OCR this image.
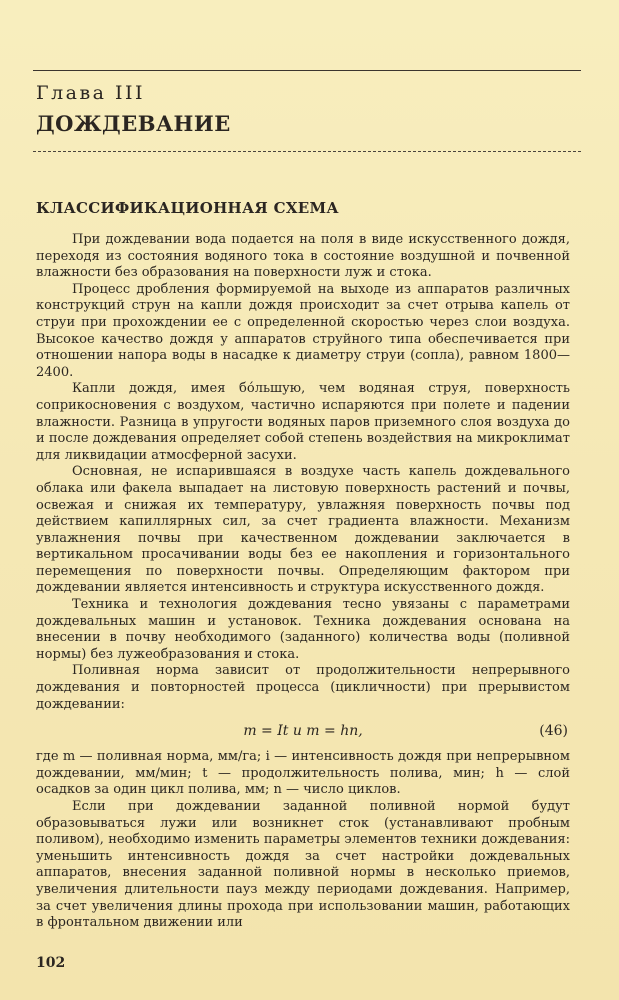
Глава III
ДОЖДЕВАНИЕ
КЛАССИФИКАЦИОННАЯ СХЕМА

При дождевании вода подается на поля в виде искусственного дождя, переходя из состояния водяного тока в состояние воздушной и почвенной влажности без образования на поверхности луж и стока.

Процесс дробления формируемой на выходе из аппаратов различных конструкций струн на капли дождя происходит за счет отрыва капель от струи при прохождении ее с определенной скоростью через слои воздуха. Высокое качество дождя у аппаратов струйного типа обеспечивается при отношении напора воды в насадке к диаметру струи (сопла), равном 1800—2400.

Капли дождя, имея бо́льшую, чем водяная струя, поверхность соприкосновения с воздухом, частично испаряются при полете и падении влажности. Разница в упругости водяных паров приземного слоя воздуха до и после дождевания определяет собой степень воздействия на микроклимат для ликвидации атмосферной засухи.

Основная, не испарившаяся в воздухе часть капель дождевального облака или факела выпадает на листовую поверхность растений и почвы, освежая и снижая их температуру, увлажняя поверхность почвы под действием капиллярных сил, за счет градиента влажности. Механизм увлажнения почвы при качественном дождевании заключается в вертикальном просачивании воды без ее накопления и горизонтального перемещения по поверхности почвы. Определяющим фактором при дождевании является интенсивность и структура искусственного дождя.

Техника и технология дождевания тесно увязаны с параметрами дождевальных машин и установок. Техника дождевания основана на внесении в почву необходимого (заданного) количества воды (поливной нормы) без лужеобразования и стока.

Поливная норма зависит от продолжительности непрерывного дождевания и повторностей процесса (цикличности) при прерывистом дождевании:

m = It и m = hn,	(46)

где m — поливная норма, мм/га; i — интенсивность дождя при непрерывном дождевании, мм/мин; t — продолжительность полива, мин; h — слой осадков за один цикл полива, мм; n — число циклов.

Если при дождевании заданной поливной нормой будут образовываться лужи или возникнет сток (устанавливают пробным поливом), необходимо изменить параметры элементов техники дождевания: уменьшить интенсивность дождя за счет настройки дождевальных аппаратов, внесения заданной поливной нормы в несколько приемов, увеличения длительности пауз между периодами дождевания. Например, за счет увеличения длины прохода при использовании машин, работающих в фронтальном движении или

102
